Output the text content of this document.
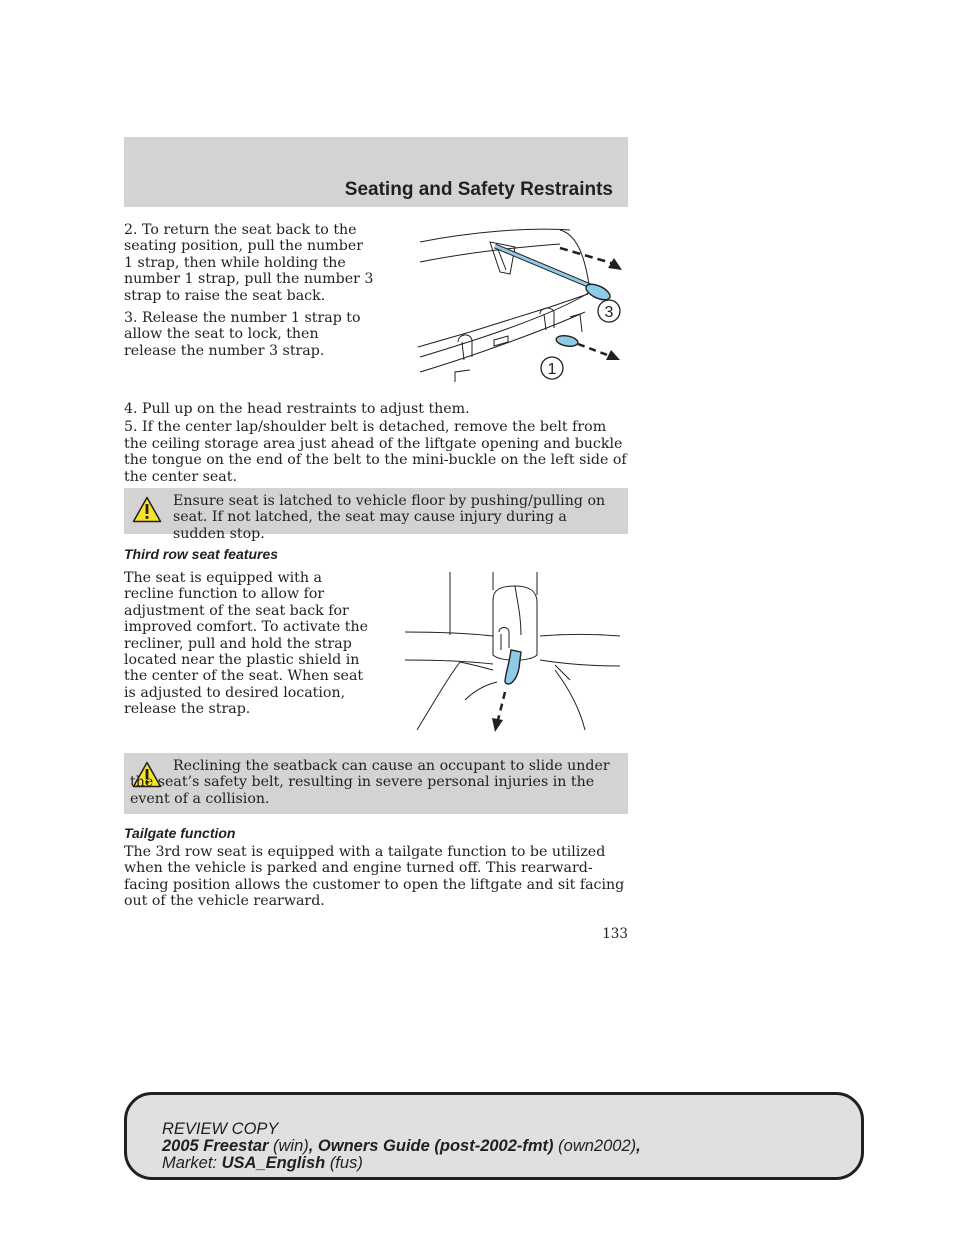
Seating and Safety Restraints

2. To return the seat back to the seating position, pull the number 1 strap, then while holding the number 1 strap, pull the number 3 strap to raise the seat back.

3. Release the number 1 strap to allow the seat to lock, then release the number 3 strap.

3
1

4. Pull up on the head restraints to adjust them.

5. If the center lap/shoulder belt is detached, remove the belt from the ceiling storage area just ahead of the liftgate opening and buckle the tongue on the end of the belt to the mini-buckle on the left side of the center seat.

Ensure seat is latched to vehicle floor by pushing/pulling on seat. If not latched, the seat may cause injury during a sudden stop.
Third row seat features
The seat is equipped with a recline function to allow for adjustment of the seat back for improved comfort. To activate the recliner, pull and hold the strap located near the plastic shield in the center of the seat. When seat is adjusted to desired location, release the strap.
Reclining the seatback can cause an occupant to slide under the seat’s safety belt, resulting in severe personal injuries in the event of a collision.
Tailgate function
The 3rd row seat is equipped with a tailgate function to be utilized when the vehicle is parked and engine turned off. This rearward-facing position allows the customer to open the liftgate and sit facing out of the vehicle rearward.
133
REVIEW COPY
2005 Freestar (win), Owners Guide (post-2002-fmt) (own2002),
Market: USA_English (fus)
